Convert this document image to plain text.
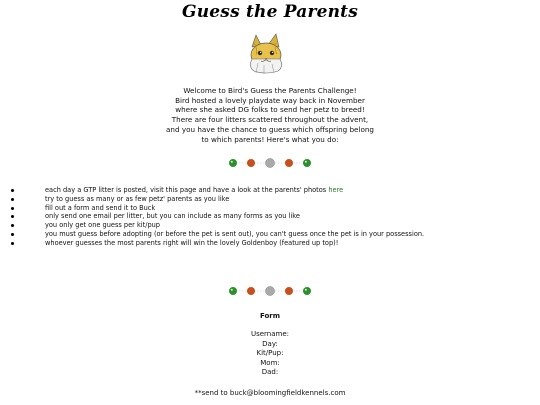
Guess the Parents
Welcome to Bird's Guess the Parents Challenge!
Bird hosted a lovely playdate way back in November
where she asked DG folks to send her petz to breed!
There are four litters scattered throughout the advent,
and you have the chance to guess which offspring belong
to which parents! Here's what you do:
each day a GTP litter is posted, visit this page and have a look at the parents' photos here
try to guess as many or as few petz' parents as you like
fill out a form and send it to Buck
only send one email per litter, but you can include as many forms as you like
you only get one guess per kit/pup
you must guess before adopting (or before the pet is sent out), you can't guess once the pet is in your possession.
whoever guesses the most parents right will win the lovely Goldenboy (featured up top)!
Form
Username:
Day:
Kit/Pup:
Mom:
Dad:
**send to buck@bloomingfieldkennels.com
